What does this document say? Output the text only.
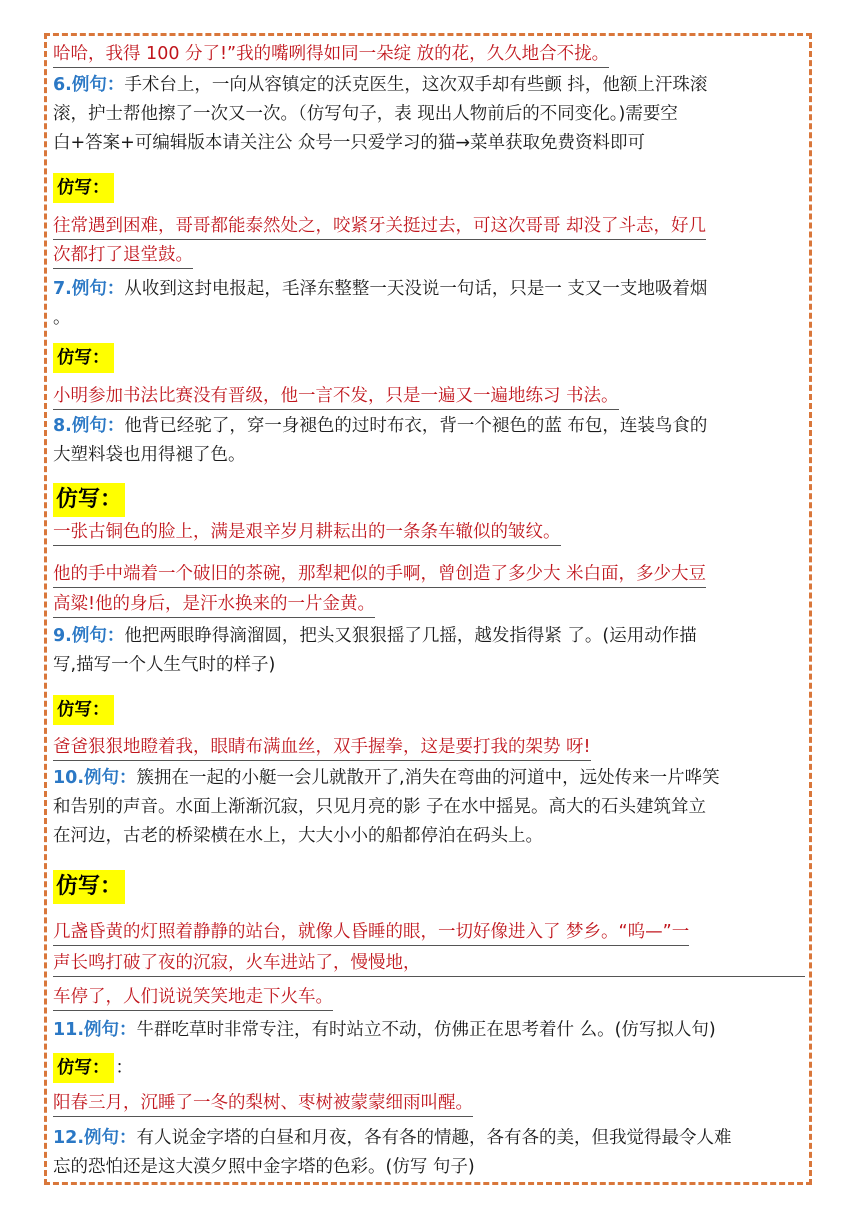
哈哈，我得 100 分了!”我的嘴咧得如同一朵绽 放的花，久久地合不拢。
6.例句：手术台上，一向从容镇定的沃克医生，这次双手却有些颤 抖，他额上汗珠滚
滚，护士帮他擦了一次又一次。（仿写句子，表 现出人物前后的不同变化。)需要空
白+答案+可编辑版本请关注公 众号一只爱学习的猫→菜单获取免费资料即可
仿写：
往常遇到困难，哥哥都能泰然处之，咬紧牙关挺过去，可这次哥哥 却没了斗志，好几
次都打了退堂鼓。
7.例句：从收到这封电报起，毛泽东整整一天没说一句话，只是一 支又一支地吸着烟
。
仿写：
小明参加书法比赛没有晋级，他一言不发，只是一遍又一遍地练习 书法。
8.例句：他背已经驼了，穿一身褪色的过时布衣，背一个褪色的蓝 布包，连装鸟食的
大塑料袋也用得褪了色。
仿写：
一张古铜色的脸上，满是艰辛岁月耕耘出的一条条车辙似的皱纹。
他的手中端着一个破旧的茶碗，那犁耙似的手啊，曾创造了多少大 米白面，多少大豆
高粱!他的身后，是汗水换来的一片金黄。
9.例句：他把两眼睁得滴溜圆，把头又狠狠摇了几摇，越发指得紧 了。(运用动作描
写,描写一个人生气时的样子)
仿写：
爸爸狠狠地瞪着我，眼睛布满血丝，双手握拳，这是要打我的架势 呀!
10.例句：簇拥在一起的小艇一会儿就散开了,消失在弯曲的河道中，远处传来一片哗笑
和告别的声音。水面上渐渐沉寂，只见月亮的影 子在水中摇晃。高大的石头建筑耸立
在河边，古老的桥梁横在水上，大大小小的船都停泊在码头上。
仿写：
几盏昏黄的灯照着静静的站台，就像人昏睡的眼，一切好像进入了 梦乡。“呜—”一
声长鸣打破了夜的沉寂，火车进站了，慢慢地，
车停了，人们说说笑笑地走下火车。
11.例句：牛群吃草时非常专注，有时站立不动，仿佛正在思考着什 么。(仿写拟人句)
仿写： ：
阳春三月，沉睡了一冬的梨树、枣树被蒙蒙细雨叫醒。
12.例句：有人说金字塔的白昼和月夜，各有各的情趣，各有各的美，但我觉得最令人难
忘的恐怕还是这大漠夕照中金字塔的色彩。(仿写 句子)
